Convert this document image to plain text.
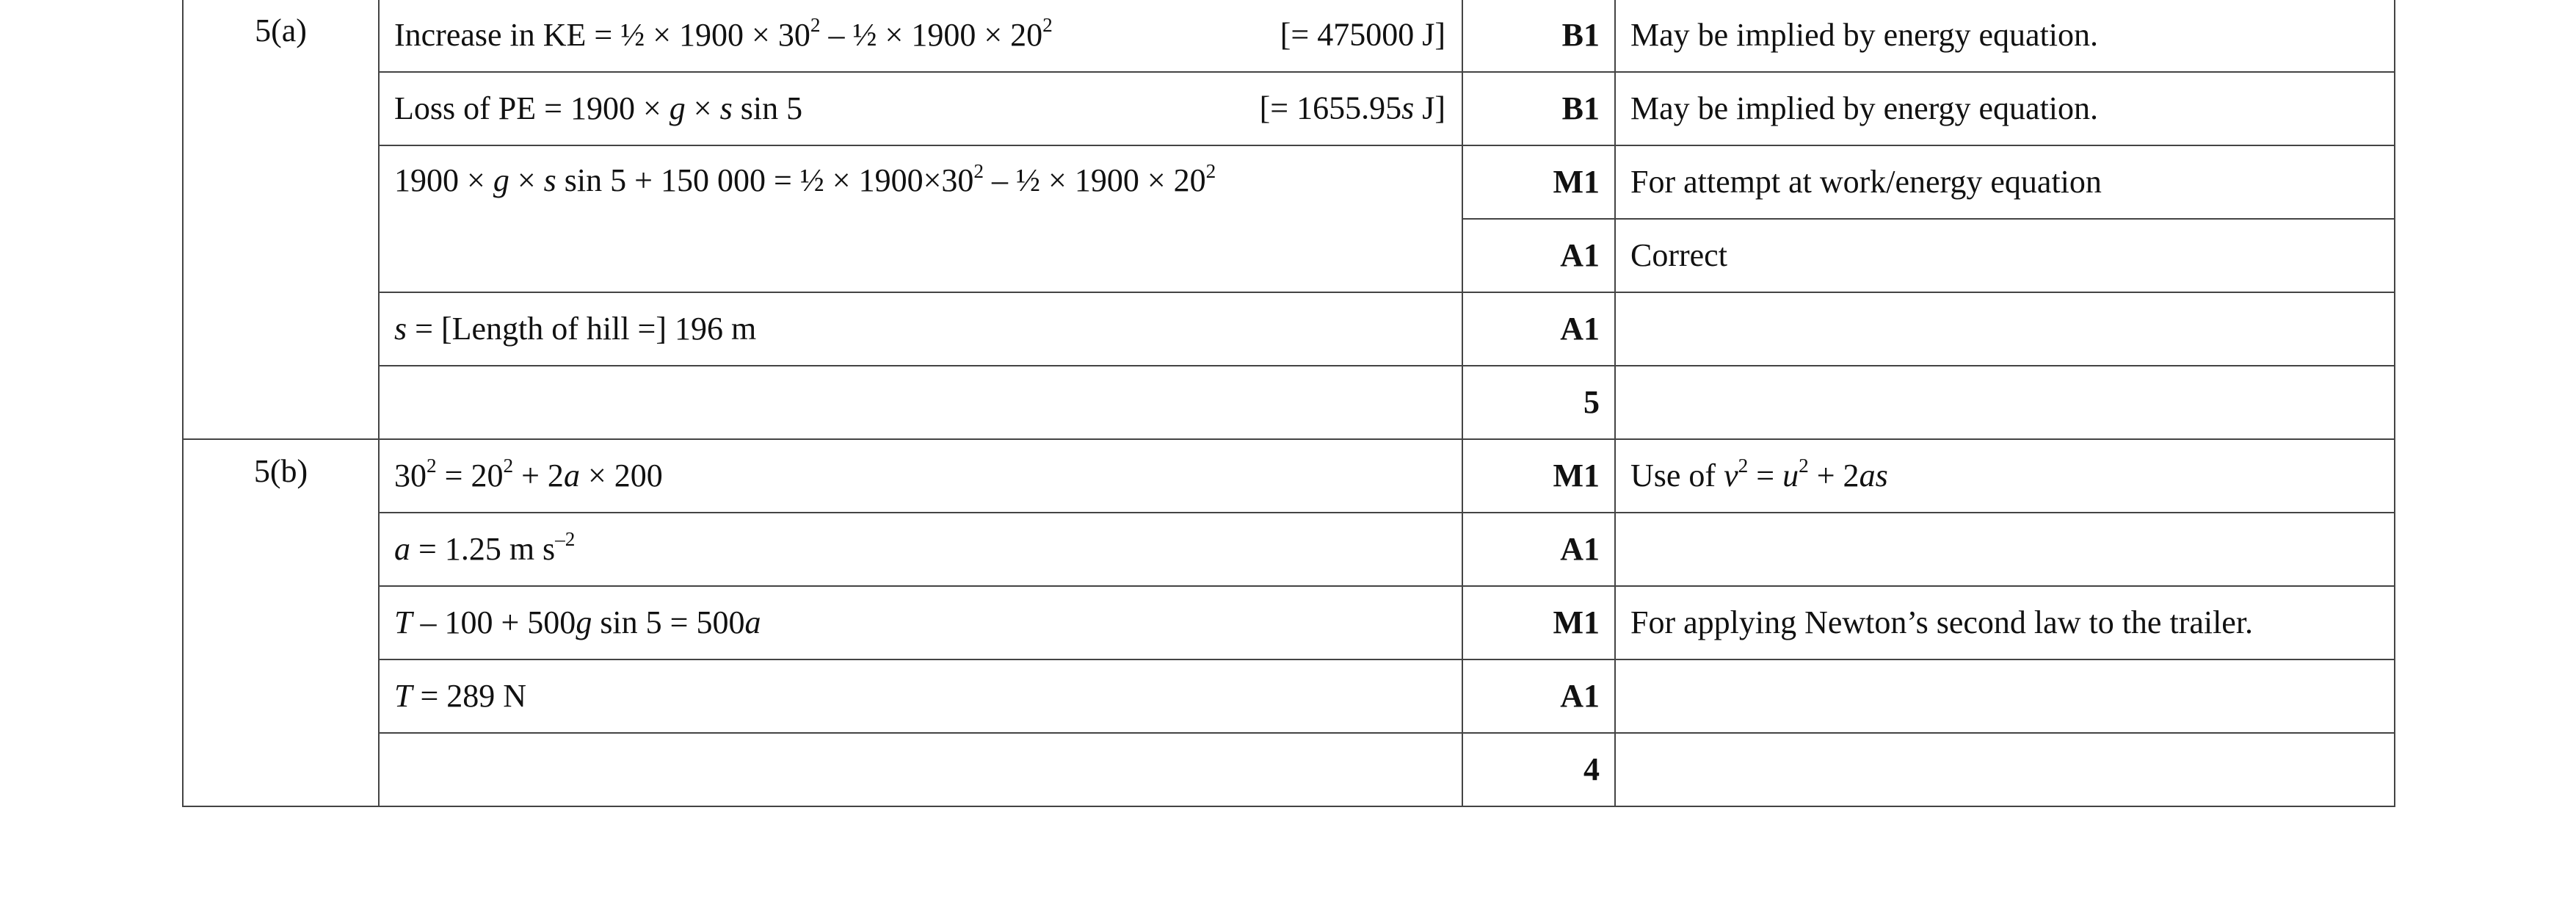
5(a)	Increase in KE = ½ × $1900 \times 30^2$ – ½ × $1900 \times 20^2$ [= 475000 J]	B1	May be implied by energy equation.
	Loss of PE = 1900 × g × s sin 5 [= 1655.95s J]	B1	May be implied by energy equation.
	1900 × g × s sin 5 + 150 000 = ½ × $1900\times 30^2$ – ½ × $1900 \times 20^2$	M1	For attempt at work/energy equation
		A1	Correct
	s = [Length of hill =] 196 m	A1	
		5	
5(b)	$30^2 = 20^2 + 2a \times 200$	M1	Use of $v^2 = u^2 + 2as$
	a = 1.25 m $s^{-2}$	A1	
	T – 100 + 500g sin 5 = 500a	M1	For applying Newton’s second law to the trailer.
	T = 289 N	A1	
		4	
